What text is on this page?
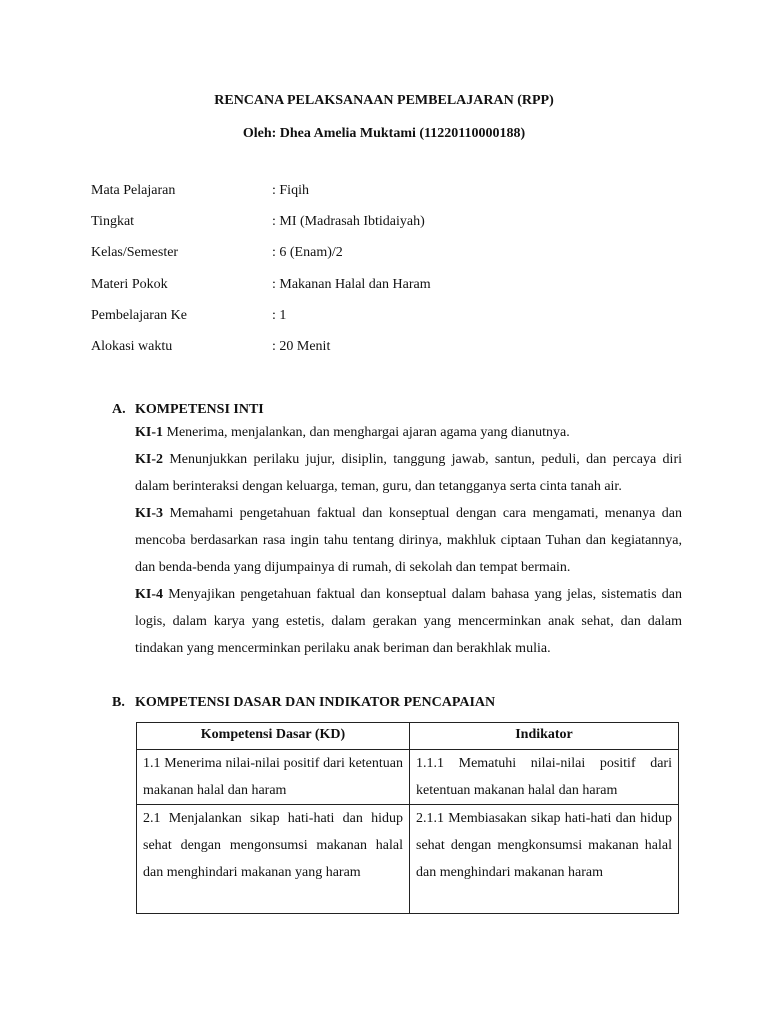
RENCANA PELAKSANAAN PEMBELAJARAN (RPP)
Oleh: Dhea Amelia Muktami (11220110000188)
Mata Pelajaran	: Fiqih
Tingkat	: MI (Madrasah Ibtidaiyah)
Kelas/Semester	: 6 (Enam)/2
Materi Pokok	: Makanan Halal dan Haram
Pembelajaran Ke	: 1
Alokasi waktu	: 20 Menit
A. KOMPETENSI INTI

KI-1 Menerima, menjalankan, dan menghargai ajaran agama yang dianutnya.

KI-2 Menunjukkan perilaku jujur, disiplin, tanggung jawab, santun, peduli, dan percaya diri dalam berinteraksi dengan keluarga, teman, guru, dan tetangganya serta cinta tanah air.

KI-3 Memahami pengetahuan faktual dan konseptual dengan cara mengamati, menanya dan mencoba berdasarkan rasa ingin tahu tentang dirinya, makhluk ciptaan Tuhan dan kegiatannya, dan benda-benda yang dijumpainya di rumah, di sekolah dan tempat bermain.

KI-4 Menyajikan pengetahuan faktual dan konseptual dalam bahasa yang jelas, sistematis dan logis, dalam karya yang estetis, dalam gerakan yang mencerminkan anak sehat, dan dalam tindakan yang mencerminkan perilaku anak beriman dan berakhlak mulia.

B. KOMPETENSI DASAR DAN INDIKATOR PENCAPAIAN
Kompetensi Dasar (KD)	Indikator
1.1 Menerima nilai-nilai positif dari ketentuan makanan halal dan haram	1.1.1 Mematuhi nilai-nilai positif dari ketentuan makanan halal dan haram
2.1 Menjalankan sikap hati-hati dan hidup sehat dengan mengonsumsi makanan halal dan menghindari makanan yang haram	2.1.1 Membiasakan sikap hati-hati dan hidup sehat dengan mengkonsumsi makanan halal dan menghindari makanan haram
